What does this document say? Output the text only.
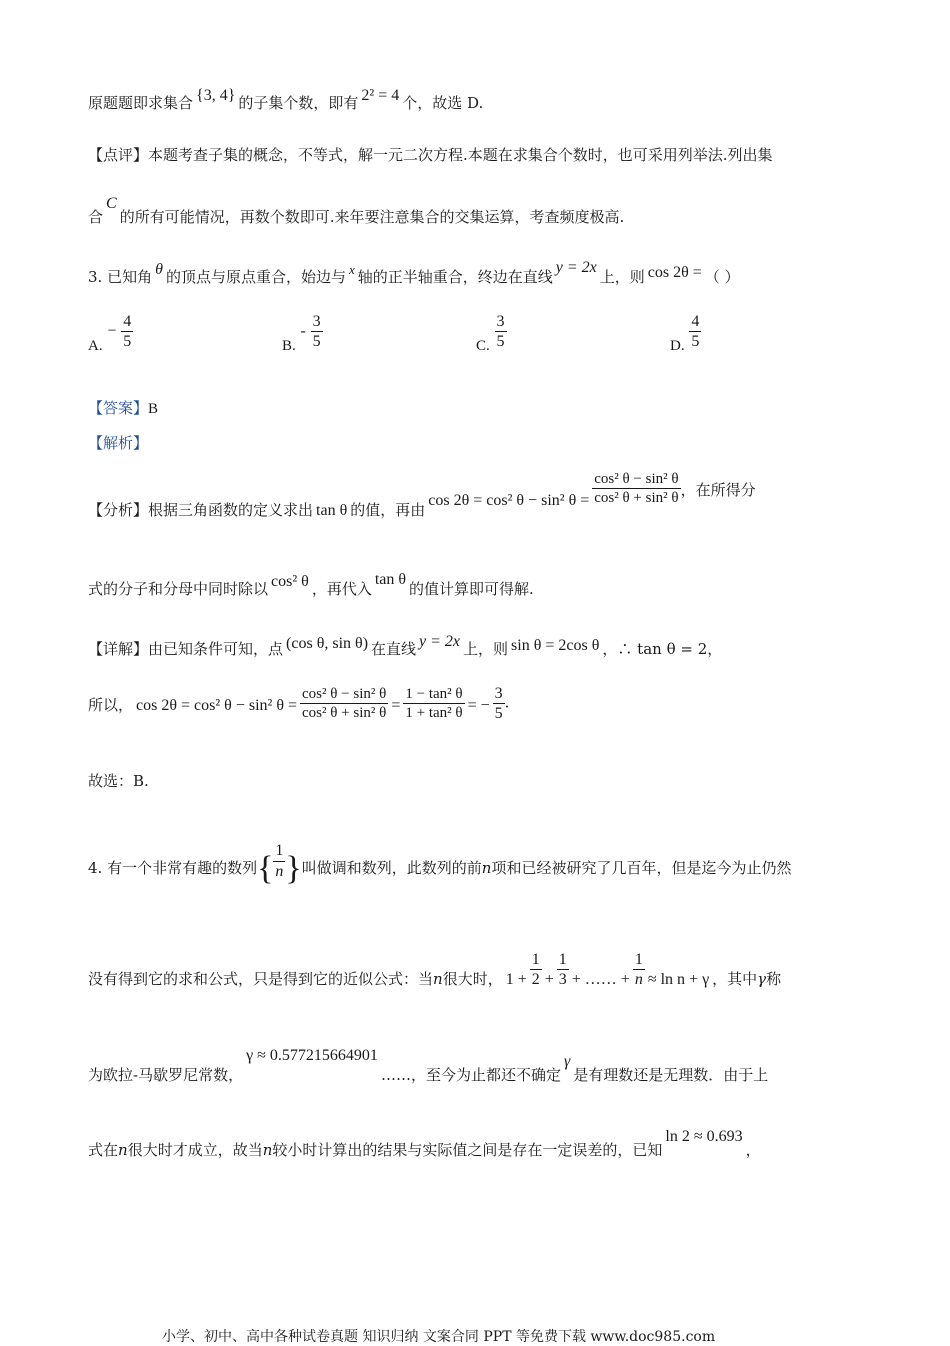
原题题即求集合 {3, 4} 的子集个数，即有 2² = 4 个，故选 D.
【点评】本题考查子集的概念，不等式，解一元二次方程.本题在求集合个数时，也可采用列举法.列出集
合C的所有可能情况，再数个数即可.来年要注意集合的交集运算，考查频度极高.
3. 已知角 θ 的顶点与原点重合，始边与 x 轴的正半轴重合，终边在直线y = 2x上，则 cos 2θ = （ ）
A. − $\frac{4}{5}$	B. - $\frac{3}{5}$	C. $\frac{3}{5}$	D. $\frac{4}{5}$
【答案】B
【解析】
【分析】根据三角函数的定义求出 tan θ 的值，再由cos 2θ = cos² θ − sin² $\theta = \frac{\text{cos² θ − sin² θ}}{\text{cos² θ + sin² θ}}$ ，在所得分
式的分子和分母中同时除以 cos² θ ，再代入tan θ的值计算即可得解.
【详解】由已知条件可知，点 (cos θ, sin θ) 在直线 y = 2x 上，则 sin θ = 2cos θ ，∴ tan θ = 2，
所以， cos 2θ = cos² θ − sin² $\theta = \frac{\text{cos² θ − sin² θ}}{\text{cos² θ + sin² θ}} = \frac{\text{1 − tan² θ}}{\text{1 + tan² θ}}$ = − $\frac{3}{5}$ .
故选：B.
4. 有一个非常有趣的数列{ $\frac{1}{n}$ }叫做调和数列，此数列的前n项和已经被研究了几百年，但是迄今为止仍然
没有得到它的求和公式，只是得到它的近似公式：当n很大时， $1 + \frac{1}{2} + \frac{1}{3}$ + …… + $\frac{1}{n} \approx \ln n + \gamma$ ，其中γ称
为欧拉-马歇罗尼常数，γ ≈ 0.577215664901……，至今为止都还不确定γ是有理数还是无理数．由于上
式在n很大时才成立，故当n较小时计算出的结果与实际值之间是存在一定误差的，已知ln 2 ≈ 0.693，
小学、初中、高中各种试卷真题 知识归纳 文案合同 PPT 等免费下载 www.doc985.com
